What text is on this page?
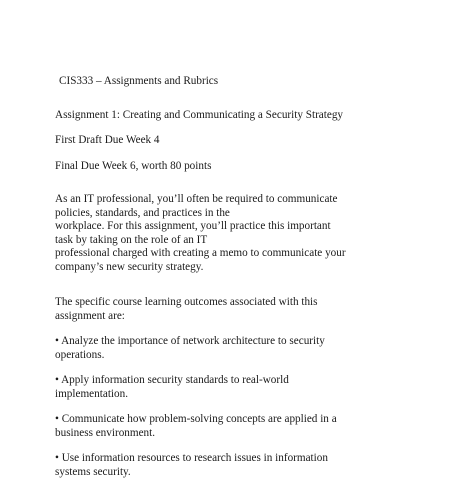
CIS333 – Assignments and Rubrics
Assignment 1: Creating and Communicating a Security Strategy
First Draft Due Week 4
Final Due Week 6, worth 80 points
As an IT professional, you’ll often be required to communicate
policies, standards, and practices in the
workplace. For this assignment, you’ll practice this important
task by taking on the role of an IT
professional charged with creating a memo to communicate your
company’s new security strategy.
The specific course learning outcomes associated with this
assignment are:
• Analyze the importance of network architecture to security
operations.
• Apply information security standards to real-world
implementation.
• Communicate how problem-solving concepts are applied in a
business environment.
• Use information resources to research issues in information
systems security.
